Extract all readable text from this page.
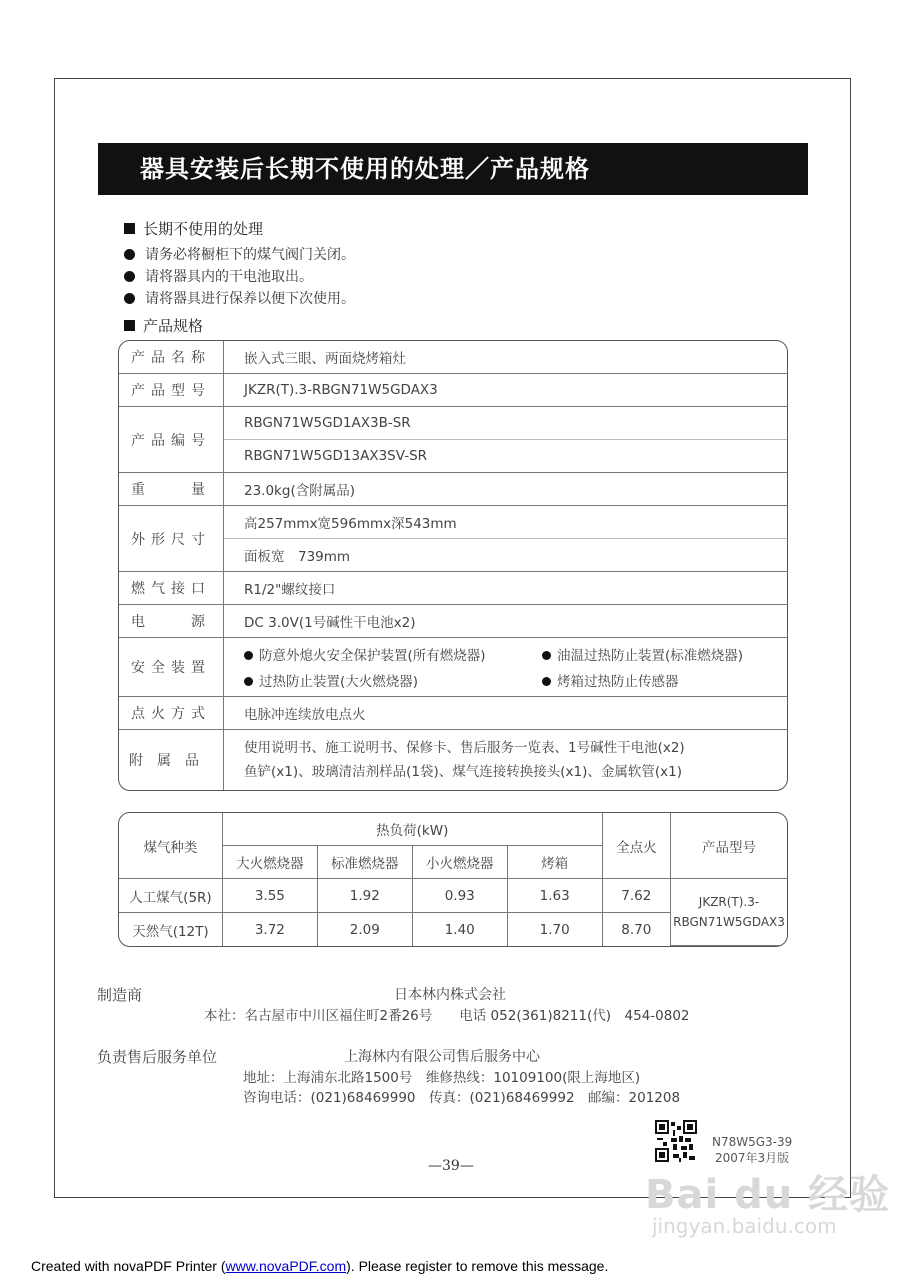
器具安装后长期不使用的处理／产品规格
长期不使用的处理
请务必将橱柜下的煤气阀门关闭。
请将器具内的干电池取出。
请将器具进行保养以便下次使用。
产品规格
产品名称	嵌入式三眼、两面烧烤箱灶
产品型号	JKZR(T).3-RBGN71W5GDAX3
产品编号	RBGN71W5GD1AX3B-SR
	RBGN71W5GD13AX3SV-SR
重　　量	23.0kg(含附属品)
外形尺寸	高257mmx宽596mmx深543mm
	面板宽　739mm
燃气接口	R1/2"螺纹接口
电　　源	DC 3.0V(1号碱性干电池x2)
安全装置	防意外熄火安全保护装置(所有燃烧器) 油温过热防止装置(标准燃烧器)
过热防止装置(大火燃烧器) 烤箱过热防止传感器

点火方式	电脉冲连续放电点火
附属品	使用说明书、施工说明书、保修卡、售后服务一览表、1号碱性干电池(x2)
鱼铲(x1)、玻璃清洁剂样品(1袋)、煤气连接转换接头(x1)、金属软管(x1)
煤气种类	热负荷(kW)				全点火	产品型号
	大火燃烧器	标准燃烧器	小火燃烧器	烤箱		
人工煤气(5R)	3.55	1.92	0.93	1.63	7.62	JKZR(T).3-
RBGN71W5GDAX3

天然气(12T)	3.72	2.09	1.40	1.70	8.70	
制造商	日本林内株式会社
本社：名古屋市中川区福住町2番26号　　电话 052(361)8211(代)　454-0802
负责售后服务单位	上海林内有限公司售后服务中心
地址：上海浦东北路1500号　维修热线：10109100(限上海地区)
咨询电话：(021)68469990　传真：(021)68469992　邮编：201208
N78W5G3-39
2007年3月版
—39—
Bai du 经验
jingyan.baidu.com
Created with novaPDF Printer (www.novaPDF.com). Please register to remove this message.
